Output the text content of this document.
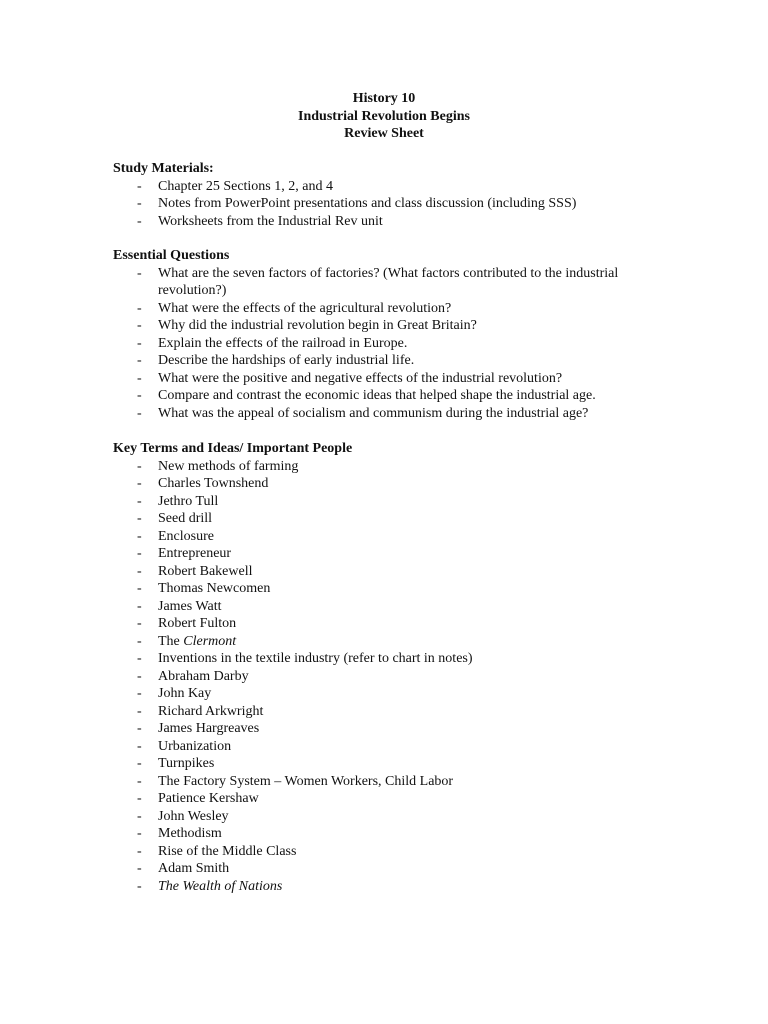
History 10
Industrial Revolution Begins
Review Sheet
Study Materials:
- Chapter 25 Sections 1, 2, and 4
- Notes from PowerPoint presentations and class discussion (including SSS)
- Worksheets from the Industrial Rev unit
Essential Questions
- What are the seven factors of factories? (What factors contributed to the industrial revolution?)
- What were the effects of the agricultural revolution?
- Why did the industrial revolution begin in Great Britain?
- Explain the effects of the railroad in Europe.
- Describe the hardships of early industrial life.
- What were the positive and negative effects of the industrial revolution?
- Compare and contrast the economic ideas that helped shape the industrial age.
- What was the appeal of socialism and communism during the industrial age?
Key Terms and Ideas/ Important People
- New methods of farming
- Charles Townshend
- Jethro Tull
- Seed drill
- Enclosure
- Entrepreneur
- Robert Bakewell
- Thomas Newcomen
- James Watt
- Robert Fulton
- The Clermont
- Inventions in the textile industry (refer to chart in notes)
- Abraham Darby
- John Kay
- Richard Arkwright
- James Hargreaves
- Urbanization
- Turnpikes
- The Factory System – Women Workers, Child Labor
- Patience Kershaw
- John Wesley
- Methodism
- Rise of the Middle Class
- Adam Smith
- The Wealth of Nations
